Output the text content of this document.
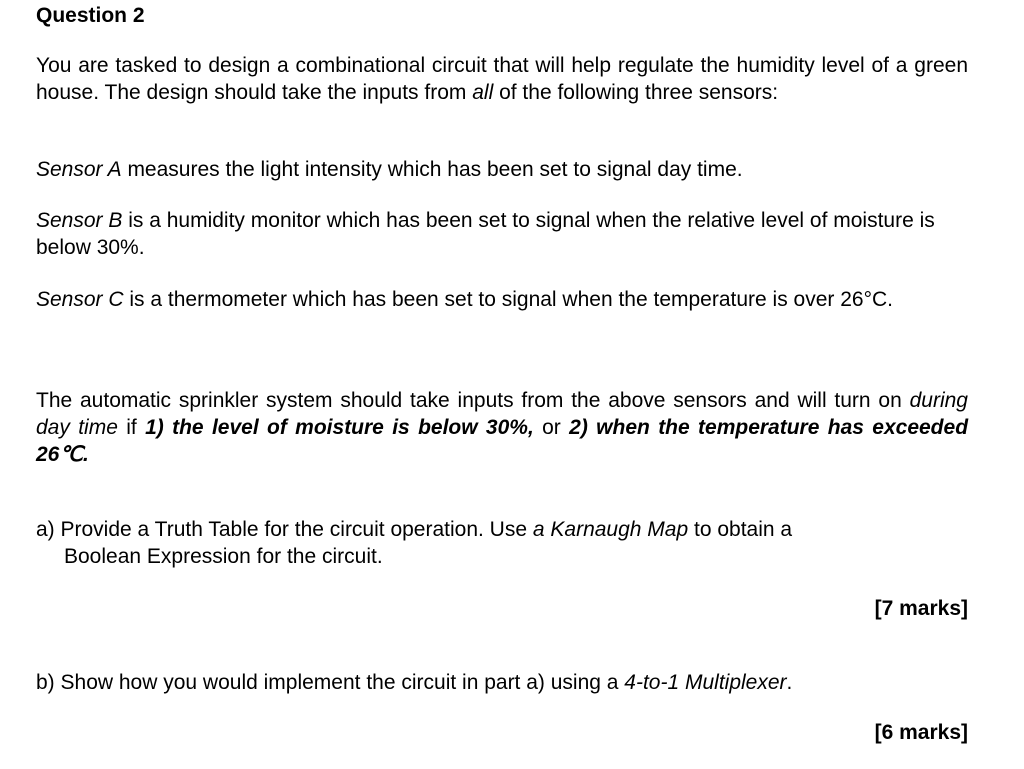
Question 2

You are tasked to design a combinational circuit that will help regulate the humidity level of a green house. The design should take the inputs from all of the following three sensors:

Sensor A measures the light intensity which has been set to signal day time.

Sensor B is a humidity monitor which has been set to signal when the relative level of moisture is below 30%.

Sensor C is a thermometer which has been set to signal when the temperature is over 26°C.

The automatic sprinkler system should take inputs from the above sensors and will turn on during day time if 1) the level of moisture is below 30%, or 2) when the temperature has exceeded 26℃.

a) Provide a Truth Table for the circuit operation. Use a Karnaugh Map to obtain a
Boolean Expression for the circuit.

[7 marks]

b) Show how you would implement the circuit in part a) using a 4-to-1 Multiplexer.

[6 marks]
